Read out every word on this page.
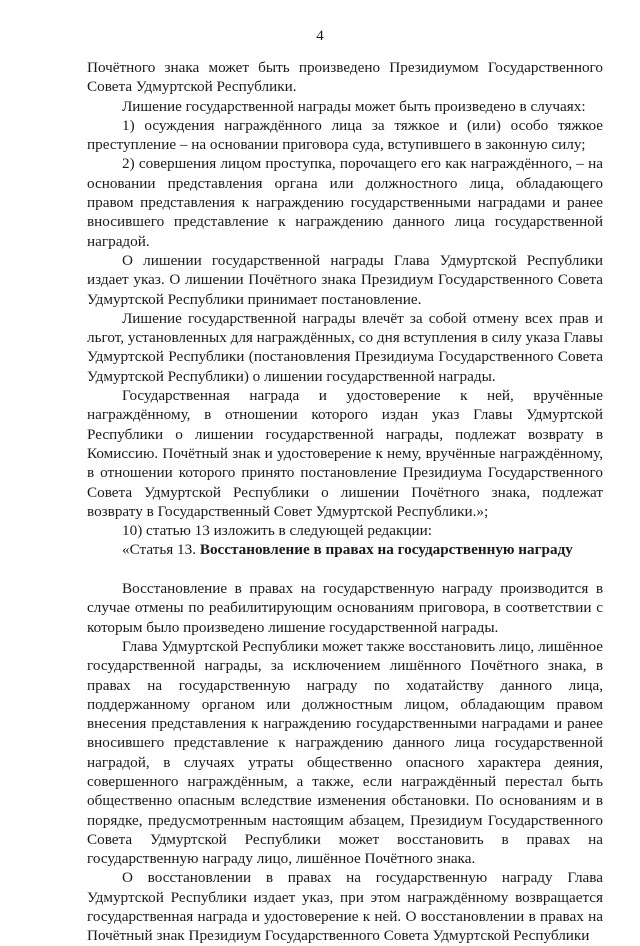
4

Почётного знака может быть произведено Президиумом Государственного Совета Удмуртской Республики.

Лишение государственной награды может быть произведено в случаях:

1) осуждения награждённого лица за тяжкое и (или) особо тяжкое преступление – на основании приговора суда, вступившего в законную силу;

2) совершения лицом проступка, порочащего его как награждённого, – на основании представления органа или должностного лица, обладающего правом представления к награждению государственными наградами и ранее вносившего представление к награждению данного лица государственной наградой.

О лишении государственной награды Глава Удмуртской Республики издает указ. О лишении Почётного знака Президиум Государственного Совета Удмуртской Республики принимает постановление.

Лишение государственной награды влечёт за собой отмену всех прав и льгот, установленных для награждённых, со дня вступления в силу указа Главы Удмуртской Республики (постановления Президиума Государственного Совета Удмуртской Республики) о лишении государственной награды.

Государственная награда и удостоверение к ней, вручённые награждённому, в отношении которого издан указ Главы Удмуртской Республики о лишении государственной награды, подлежат возврату в Комиссию. Почётный знак и удостоверение к нему, вручённые награждённому, в отношении которого принято постановление Президиума Государственного Совета Удмуртской Республики о лишении Почётного знака, подлежат возврату в Государственный Совет Удмуртской Республики.»;

10) статью 13 изложить в следующей редакции:

«Статья 13. Восстановление в правах на государственную награду

Восстановление в правах на государственную награду производится в случае отмены по реабилитирующим основаниям приговора, в соответствии с которым было произведено лишение государственной награды.

Глава Удмуртской Республики может также восстановить лицо, лишённое государственной награды, за исключением лишённого Почётного знака, в правах на государственную награду по ходатайству данного лица, поддержанному органом или должностным лицом, обладающим правом внесения представления к награждению государственными наградами и ранее вносившего представление к награждению данного лица государственной наградой, в случаях утраты общественно опасного характера деяния, совершенного награждённым, а также, если награждённый перестал быть общественно опасным вследствие изменения обстановки. По основаниям и в порядке, предусмотренным настоящим абзацем, Президиум Государственного Совета Удмуртской Республики может восстановить в правах на государственную награду лицо, лишённое Почётного знака.

О восстановлении в правах на государственную награду Глава Удмуртской Республики издает указ, при этом награждённому возвращается государственная награда и удостоверение к ней. О восстановлении в правах на Почётный знак Президиум Государственного Совета Удмуртской Республики
